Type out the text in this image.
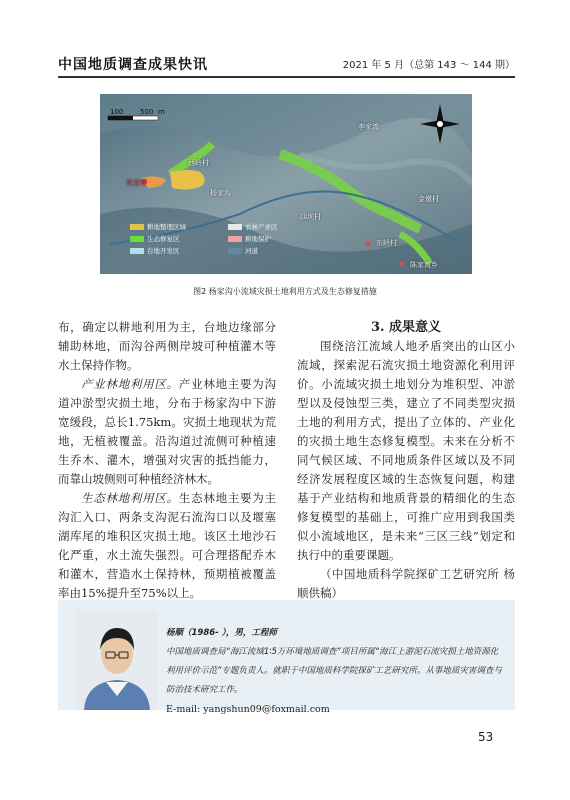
中国地质调查成果快讯	2021 年 5 月（总第 143 ～ 144 期）
100 500 m
李家湾
金墩村
四坝村
西岭村
焦家坪
东岭村
陈家湾乡
杨家沟
耕地整理区域
生态修复区
台地开发区
农林产业区
耕地保护
河道
图2 杨家沟小流域灾损土地利用方式及生态修复措施

布，确定以耕地利用为主，台地边缘部分辅助林地，而沟谷两侧岸坡可种植灌木等水土保持作物。

产业林地利用区。产业林地主要为沟道冲淤型灾损土地，分布于杨家沟中下游宽缓段，总长1.75km。灾损土地现状为荒地，无植被覆盖。沿沟道过流侧可种植速生乔木、灌木，增强对灾害的抵挡能力，而靠山坡侧则可种植经济林木。

生态林地利用区。生态林地主要为主沟汇入口、两条支沟泥石流沟口以及堰塞湖库尾的堆积区灾损土地。该区土地沙石化严重，水土流失强烈。可合理搭配乔木和灌木，营造水土保持林，预期植被覆盖率由15%提升至75%以上。

3. 成果意义

围绕涪江流域人地矛盾突出的山区小流域，探索泥石流灾损土地资源化利用评价。小流域灾损土地划分为堆积型、冲淤型以及侵蚀型三类，建立了不同类型灾损土地的利用方式，提出了立体的、产业化的灾损土地生态修复模型。未来在分析不同气候区域、不同地质条件区域以及不同经济发展程度区域的生态恢复问题，构建基于产业结构和地质背景的精细化的生态修复模型的基础上，可推广应用到我国类似小流域地区，是未来“三区三线”划定和执行中的重要课题。

（中国地质科学院探矿工艺研究所 杨顺供稿）

杨顺（1986- ），男，工程师
中国地质调查局“海江流域1∶5万环境地质调查”项目所属“海江上游泥石流灾损土地资源化利用评价示范”专题负责人。就职于中国地质科学院探矿工艺研究所。从事地质灾害调查与防治技术研究工作。
E-mail: yangshun09@foxmail.com
53
